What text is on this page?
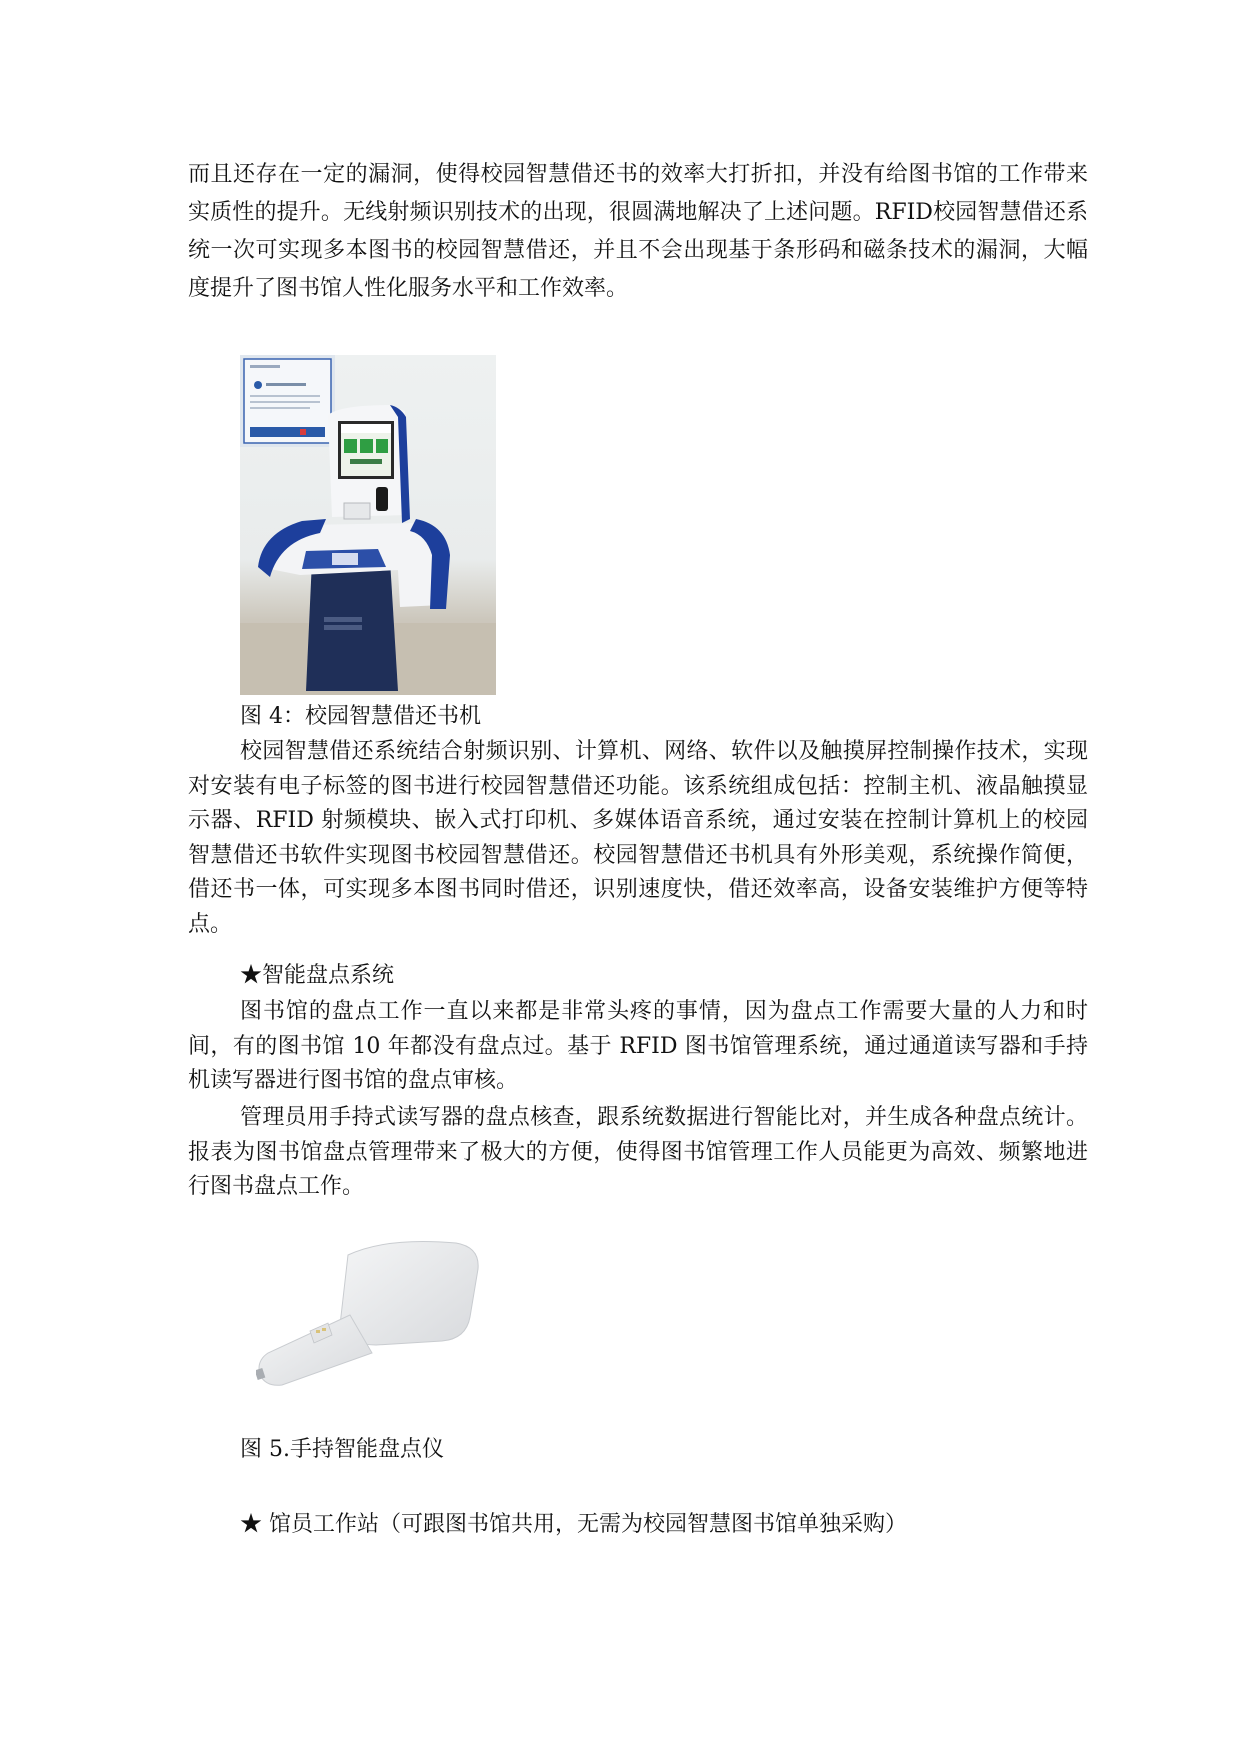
而且还存在一定的漏洞，使得校园智慧借还书的效率大打折扣，并没有给图书馆的工作带来实质性的提升。无线射频识别技术的出现，很圆满地解决了上述问题。RFID校园智慧借还系统一次可实现多本图书的校园智慧借还，并且不会出现基于条形码和磁条技术的漏洞，大幅度提升了图书馆人性化服务水平和工作效率。

图 4：校园智慧借还书机

校园智慧借还系统结合射频识别、计算机、网络、软件以及触摸屏控制操作技术，实现对安装有电子标签的图书进行校园智慧借还功能。该系统组成包括：控制主机、液晶触摸显示器、RFID 射频模块、嵌入式打印机、多媒体语音系统，通过安装在控制计算机上的校园智慧借还书软件实现图书校园智慧借还。校园智慧借还书机具有外形美观，系统操作简便，借还书一体，可实现多本图书同时借还，识别速度快，借还效率高，设备安装维护方便等特点。

★智能盘点系统

图书馆的盘点工作一直以来都是非常头疼的事情，因为盘点工作需要大量的人力和时间，有的图书馆 10 年都没有盘点过。基于 RFID 图书馆管理系统，通过通道读写器和手持机读写器进行图书馆的盘点审核。

管理员用手持式读写器的盘点核查，跟系统数据进行智能比对，并生成各种盘点统计。报表为图书馆盘点管理带来了极大的方便，使得图书馆管理工作人员能更为高效、频繁地进行图书盘点工作。

图 5.手持智能盘点仪

★ 馆员工作站（可跟图书馆共用，无需为校园智慧图书馆单独采购）
